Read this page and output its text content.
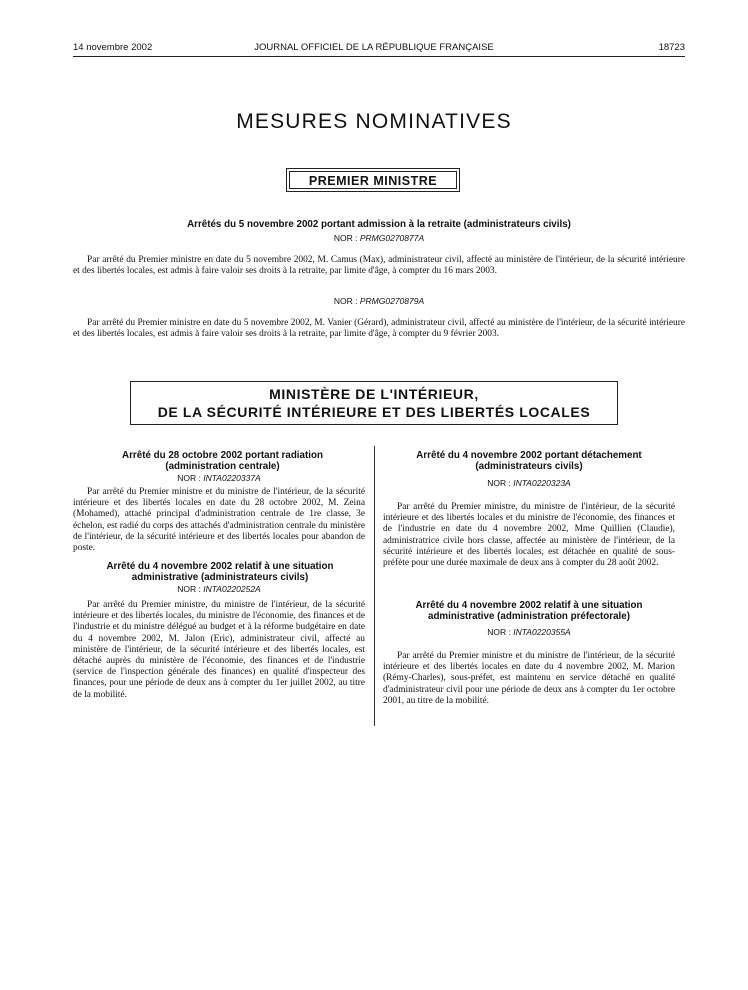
14 novembre 2002	JOURNAL OFFICIEL DE LA RÉPUBLIQUE FRANÇAISE	18723
MESURES NOMINATIVES
PREMIER MINISTRE
Arrêtés du 5 novembre 2002 portant admission à la retraite (administrateurs civils)
NOR : PRMG0270877A
Par arrêté du Premier ministre en date du 5 novembre 2002, M. Camus (Max), administrateur civil, affecté au ministère de l'intérieur, de la sécurité intérieure et des libertés locales, est admis à faire valoir ses droits à la retraite, par limite d'âge, à compter du 16 mars 2003.
NOR : PRMG0270879A
Par arrêté du Premier ministre en date du 5 novembre 2002, M. Vanier (Gérard), administrateur civil, affecté au ministère de l'intérieur, de la sécurité intérieure et des libertés locales, est admis à faire valoir ses droits à la retraite, par limite d'âge, à compter du 9 février 2003.
MINISTÈRE DE L'INTÉRIEUR,
DE LA SÉCURITÉ INTÉRIEURE ET DES LIBERTÉS LOCALES
Arrêté du 28 octobre 2002 portant radiation (administration centrale)
NOR : INTA0220337A
Par arrêté du Premier ministre et du ministre de l'intérieur, de la sécurité intérieure et des libertés locales en date du 28 octobre 2002, M. Zeina (Mohamed), attaché principal d'administration centrale de 1re classe, 3e échelon, est radié du corps des attachés d'administration centrale du ministère de l'intérieur, de la sécurité intérieure et des libertés locales pour abandon de poste.
Arrêté du 4 novembre 2002 relatif à une situation administrative (administrateurs civils)
NOR : INTA0220252A
Par arrêté du Premier ministre, du ministre de l'intérieur, de la sécurité intérieure et des libertés locales, du ministre de l'économie, des finances et de l'industrie et du ministre délégué au budget et à la réforme budgétaire en date du 4 novembre 2002, M. Jalon (Eric), administrateur civil, affecté au ministère de l'intérieur, de la sécurité intérieure et des libertés locales, est détaché auprès du ministère de l'économie, des finances et de l'industrie (service de l'inspection générale des finances) en qualité d'inspecteur des finances, pour une période de deux ans à compter du 1er juillet 2002, au titre de la mobilité.
Arrêté du 4 novembre 2002 portant détachement (administrateurs civils)
NOR : INTA0220323A
Par arrêté du Premier ministre, du ministre de l'intérieur, de la sécurité intérieure et des libertés locales et du ministre de l'économie, des finances et de l'industrie en date du 4 novembre 2002, Mme Quillien (Claudie), administratrice civile hors classe, affectée au ministère de l'intérieur, de la sécurité intérieure et des libertés locales, est détachée en qualité de sous-préfète pour une durée maximale de deux ans à compter du 28 août 2002.
Arrêté du 4 novembre 2002 relatif à une situation administrative (administration préfectorale)
NOR : INTA0220355A
Par arrêté du Premier ministre et du ministre de l'intérieur, de la sécurité intérieure et des libertés locales en date du 4 novembre 2002, M. Marion (Rémy-Charles), sous-préfet, est maintenu en service détaché en qualité d'administrateur civil pour une période de deux ans à compter du 1er octobre 2001, au titre de la mobilité.
